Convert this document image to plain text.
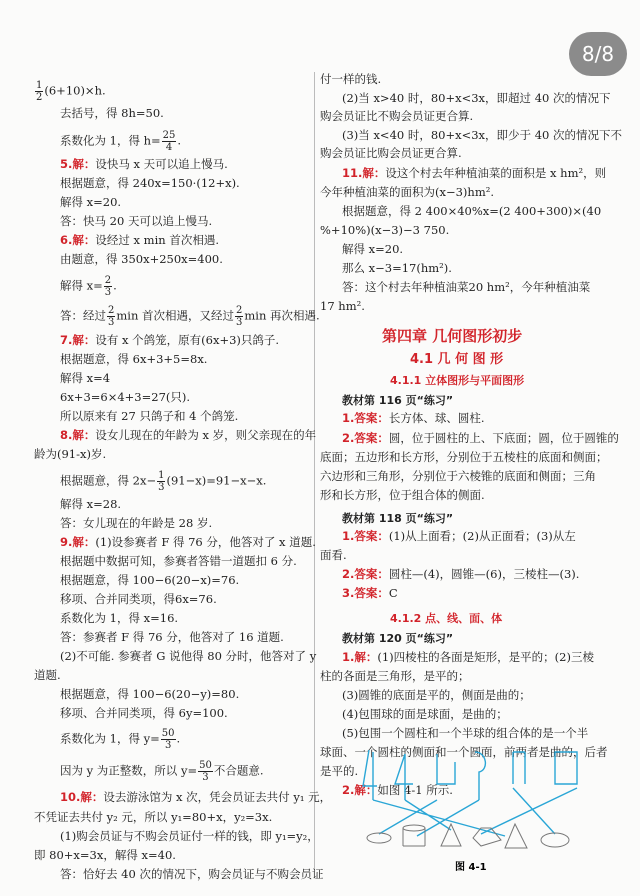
8/8
$\frac{1}{2} (6+10)\times h$.
去括号，得 8h=50.
系数化为 1，得 $h= \frac{25}{4}$ .
5.解：设快马 x 天可以追上慢马.
根据题意，得 240x=150·(12+x).
解得 x=20.
答：快马 20 天可以追上慢马.
6.解：设经过 x min 首次相遇.
由题意，得 350x+250x=400.
解得 $x= \frac{2}{3}$ .
答：经过 $\frac{2}{3}$ min 首次相遇，又经过 $\frac{2}{3}$ min 再次相遇.
7.解：设有 x 个鸽笼，原有(6x+3)只鸽子.
根据题意，得 6x+3+5=8x.
解得 x=4
6x+3=6×4+3=27(只).
所以原来有 27 只鸽子和 4 个鸽笼.
8.解：设女儿现在的年龄为 x 岁，则父亲现在的年
龄为(91-x)岁.
根据题意，得 $2x- \frac{1}{3} (91-x)=91-x-x$.
解得 x=28.
答：女儿现在的年龄是 28 岁.
9.解：(1)设参赛者 F 得 76 分，他答对了 x 道题.
根据题中数据可知，参赛者答错一道题扣 6 分.
根据题意，得 100−6(20−x)=76.
移项、合并同类项，得6x=76.
系数化为 1，得 x=16.
答：参赛者 F 得 76 分，他答对了 16 道题.
(2)不可能. 参赛者 G 说他得 80 分时，他答对了 y
道题.
根据题意，得 100−6(20−y)=80.
移项、合并同类项，得 6y=100.
系数化为 1，得 $y= \frac{50}{3}$ .
因为 y 为正整数，所以 $y= \frac{50}{3}$ 不合题意.
10.解：设去游泳馆为 x 次，凭会员证去共付 y₁ 元，
不凭证去共付 y₂ 元，所以 y₁=80+x，y₂=3x.
(1)购会员证与不购会员证付一样的钱，即 y₁=y₂，
即 80+x=3x，解得 x=40.
答：恰好去 40 次的情况下，购会员证与不购会员证
付一样的钱.
(2)当 x>40 时，80+x<3x，即超过 40 次的情况下
购会员证比不购会员证更合算.
(3)当 x<40 时，80+x<3x，即少于 40 次的情况下不
购会员证比购会员证更合算.
11.解：设这个村去年种植油菜的面积是 x hm²，则
今年种植油菜的面积为(x−3)hm².
根据题意，得 2 400×40%x=(2 400+300)×(40
%+10%)(x−3)−3 750.
解得 x=20.
那么 x−3=17(hm²).
答：这个村去年种植油菜20 hm²，今年种植油菜
17 hm².
第四章 几何图形初步
4.1 几 何 图 形
4.1.1 立体图形与平面图形
教材第 116 页“练习”
1.答案：长方体、球、圆柱.
2.答案：圆，位于圆柱的上、下底面；圆，位于圆锥的
底面；五边形和长方形，分别位于五棱柱的底面和侧面；
六边形和三角形，分别位于六棱锥的底面和侧面；三角
形和长方形，位于组合体的侧面.
教材第 118 页“练习”
1.答案：(1)从上面看；(2)从正面看；(3)从左
面看.
2.答案：圆柱—(4)，圆锥—(6)，三棱柱—(3).
3.答案：C
4.1.2 点、线、面、体
教材第 120 页“练习”
1.解：(1)四棱柱的各面是矩形，是平的；(2)三棱
柱的各面是三角形，是平的；
(3)圆锥的底面是平的，侧面是曲的；
(4)包围球的面是球面，是曲的；
(5)包围一个圆柱和一个半球的组合体的是一个半
球面、一个圆柱的侧面和一个圆面，前两者是曲的，后者
是平的.
2.解：如图 4-1 所示.
图 4-1
